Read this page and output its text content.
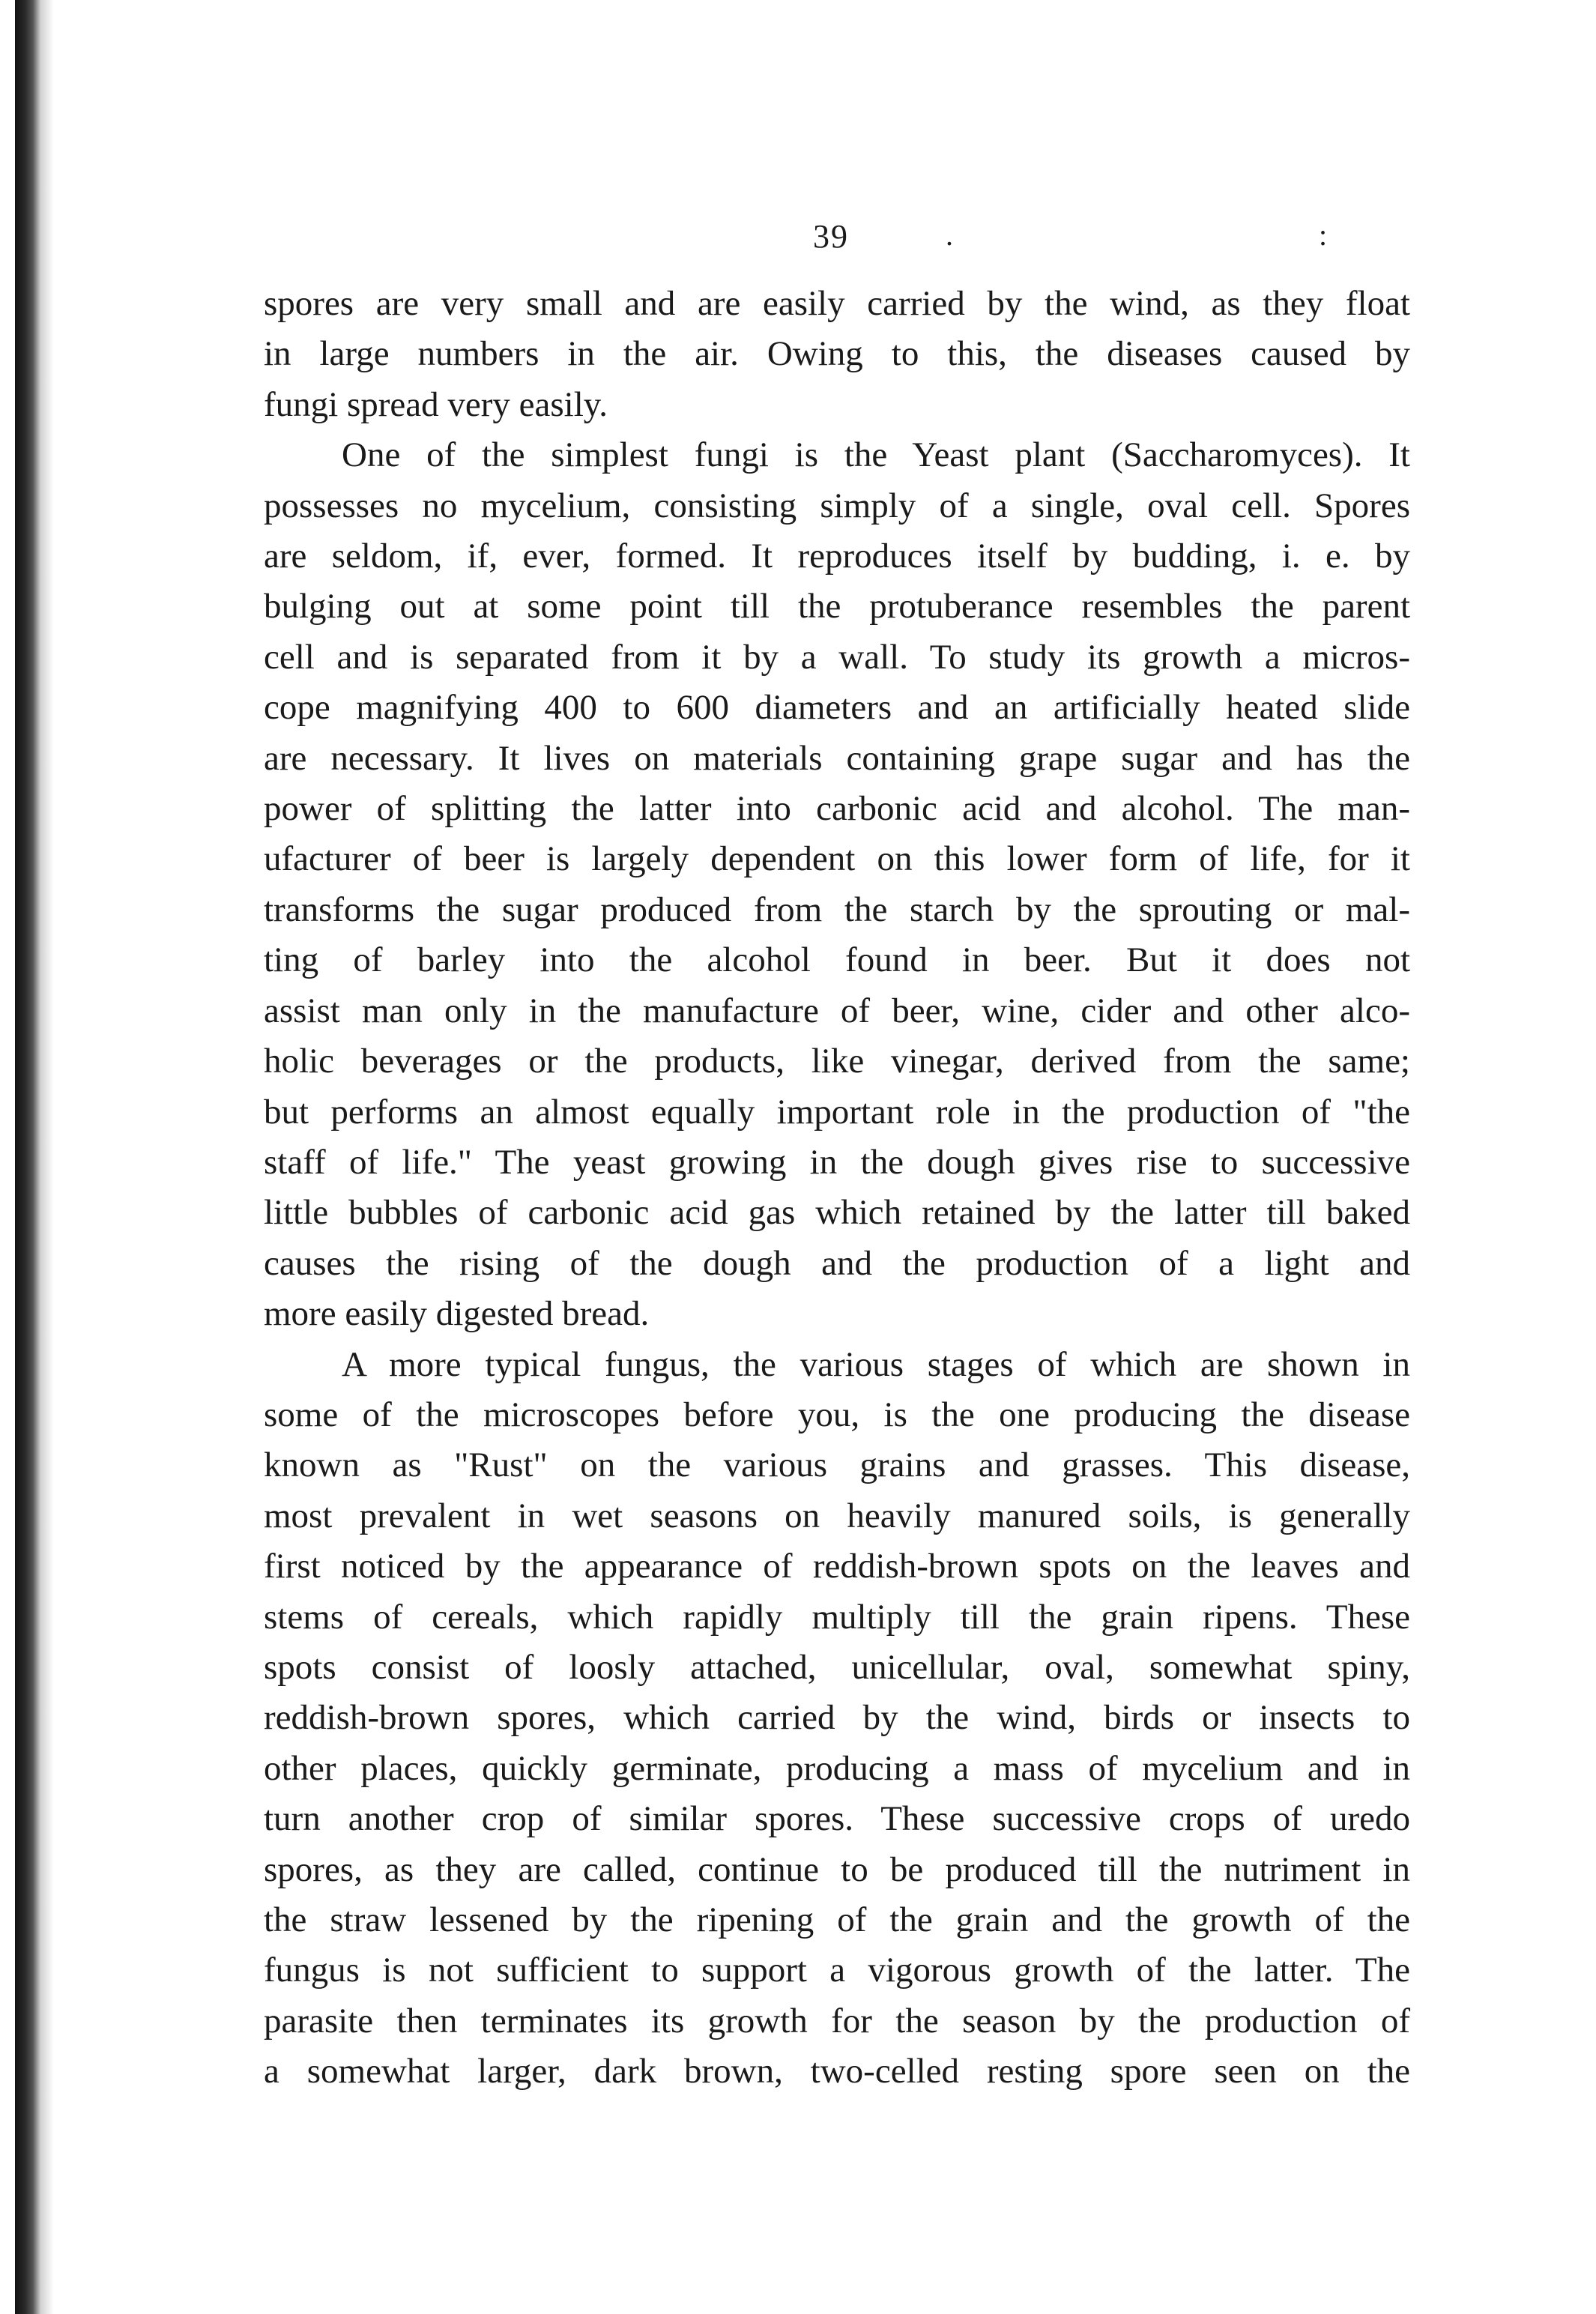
39	.	:
spores are very small and are easily carried by the wind, as they float
in large numbers in the air. Owing to this, the diseases caused by
fungi spread very easily.
One of the simplest fungi is the Yeast plant (Saccharomyces). It
possesses no mycelium, consisting simply of a single, oval cell. Spores
are seldom, if, ever, formed. It reproduces itself by budding, i. e. by
bulging out at some point till the protuberance resembles the parent
cell and is separated from it by a wall. To study its growth a micros-
cope magnifying 400 to 600 diameters and an artificially heated slide
are necessary. It lives on materials containing grape sugar and has the
power of splitting the latter into carbonic acid and alcohol. The man-
ufacturer of beer is largely dependent on this lower form of life, for it
transforms the sugar produced from the starch by the sprouting or mal-
ting of barley into the alcohol found in beer. But it does not
assist man only in the manufacture of beer, wine, cider and other alco-
holic beverages or the products, like vinegar, derived from the same;
but performs an almost equally important role in the production of "the
staff of life." The yeast growing in the dough gives rise to successive
little bubbles of carbonic acid gas which retained by the latter till baked
causes the rising of the dough and the production of a light and
more easily digested bread.
A more typical fungus, the various stages of which are shown in
some of the microscopes before you, is the one producing the disease
known as "Rust" on the various grains and grasses. This disease,
most prevalent in wet seasons on heavily manured soils, is generally
first noticed by the appearance of reddish-brown spots on the leaves and
stems of cereals, which rapidly multiply till the grain ripens. These
spots consist of loosly attached, unicellular, oval, somewhat spiny,
reddish-brown spores, which carried by the wind, birds or insects to
other places, quickly germinate, producing a mass of mycelium and in
turn another crop of similar spores. These successive crops of uredo
spores, as they are called, continue to be produced till the nutriment in
the straw lessened by the ripening of the grain and the growth of the
fungus is not sufficient to support a vigorous growth of the latter. The
parasite then terminates its growth for the season by the production of
a somewhat larger, dark brown, two-celled resting spore seen on the
